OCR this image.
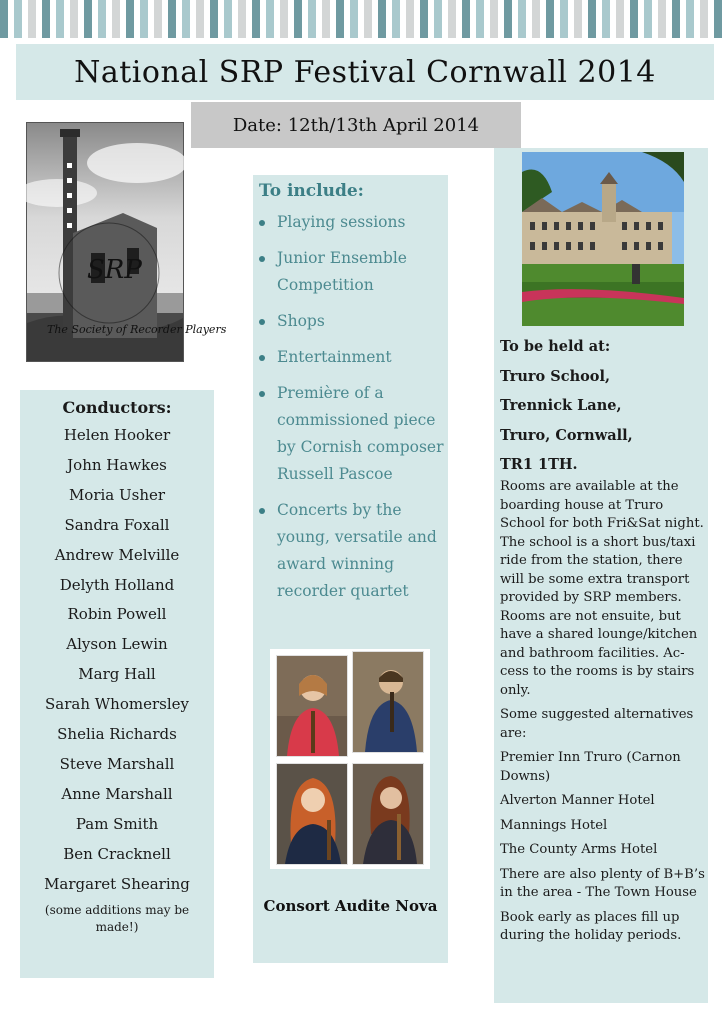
National SRP Festival Cornwall 2014
Date: 12th/13th April 2014
SRP
The Society of Recorder Players
Conductors:

Helen Hooker

John Hawkes

Moria Usher

Sandra Foxall

Andrew Melville

Delyth Holland

Robin Powell

Alyson Lewin

Marg Hall

Sarah Whomersley

Shelia Richards

Steve Marshall

Anne Marshall

Pam Smith

Ben Cracknell

Margaret Shearing

(some additions may be made!)

To include:
Playing sessions
Junior Ensemble Competition
Shops
Entertainment
Première of a commissioned piece by Cornish composer Russell Pascoe
Concerts by the young, versatile and award winning recorder quartet
Consort Audite Nova

To be held at:

Truro School,

Trennick Lane,

Truro, Cornwall,

TR1 1TH.

Rooms are available at the boarding house at Truro School for both Fri&Sat night. The school is a short bus/taxi ride from the station, there will be some extra transport provided by SRP members. Rooms are not ensuite, but have a shared lounge/kitchen and bathroom facilities. Ac-cess to the rooms is by stairs only.

Some suggested alternatives are:

Premier Inn Truro (Carnon Downs)

Alverton Manner Hotel

Mannings Hotel

The County Arms Hotel

There are also plenty of B+B’s in the area - The Town House

Book early as places fill up during the holiday periods.
